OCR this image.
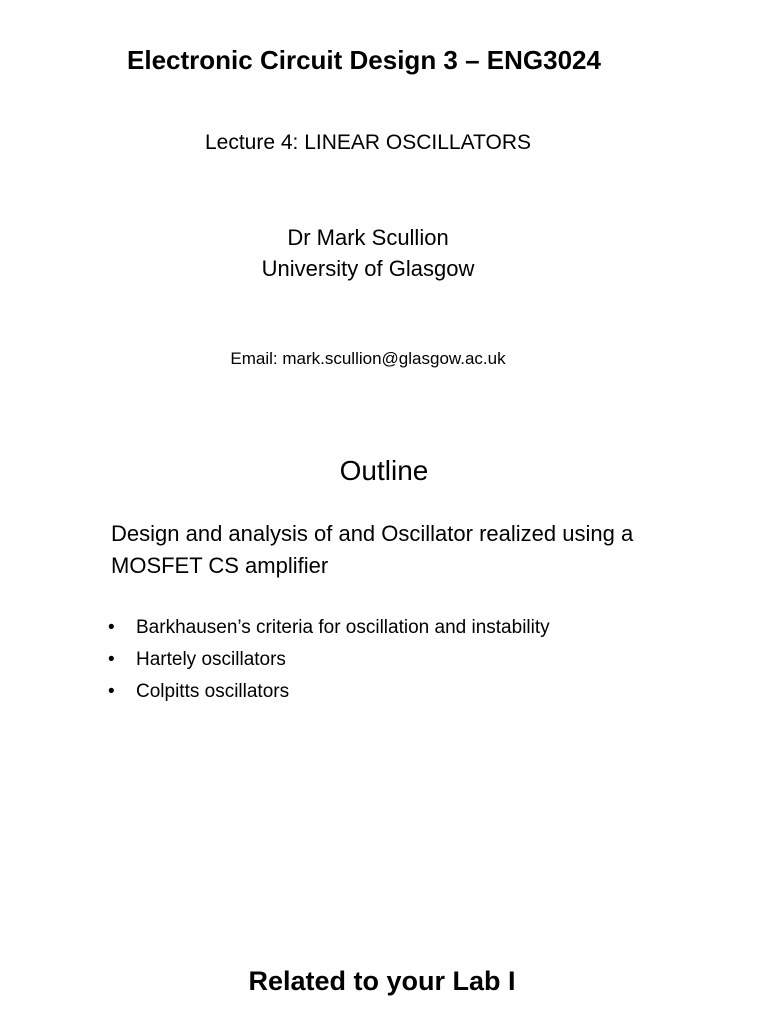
Electronic Circuit Design 3 – ENG3024
Lecture 4: LINEAR OSCILLATORS
Dr Mark Scullion
University of Glasgow
Email: mark.scullion@glasgow.ac.uk
Outline
Design and analysis of and Oscillator realized using a MOSFET CS amplifier
•	Barkhausen’s criteria for oscillation and instability
•	Hartely oscillators
•	Colpitts oscillators
Related to your Lab I
